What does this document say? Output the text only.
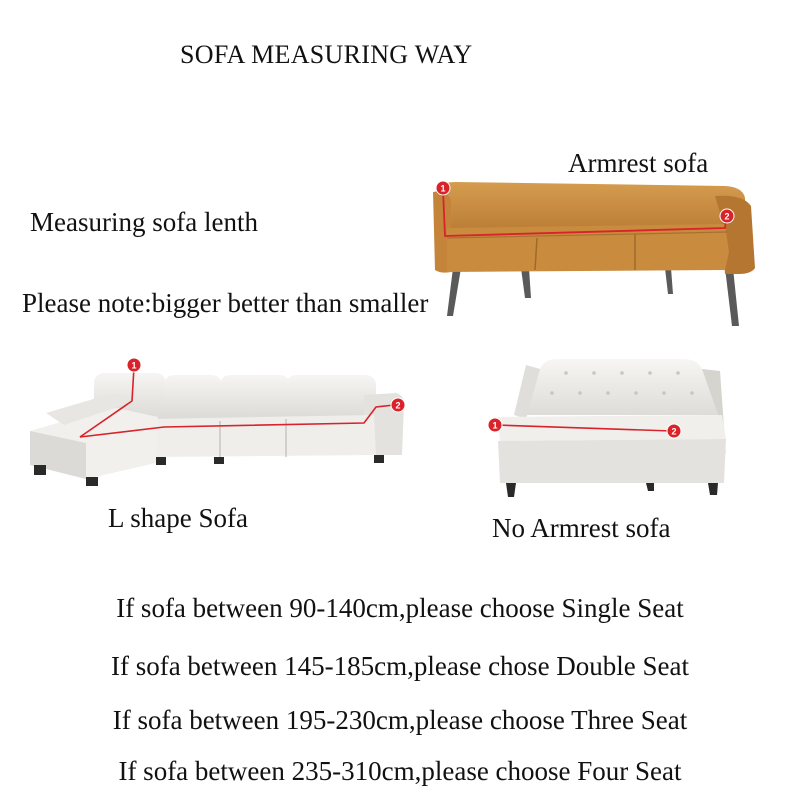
SOFA MEASURING WAY
Armrest sofa
Measuring sofa lenth
Please note:bigger better than smaller
1
2
1
2
1
2
L shape Sofa	No Armrest sofa
If sofa between 90-140cm,please choose Single Seat
If sofa between 145-185cm,please chose Double Seat
If sofa between 195-230cm,please choose Three Seat
If sofa between 235-310cm,please choose Four Seat
